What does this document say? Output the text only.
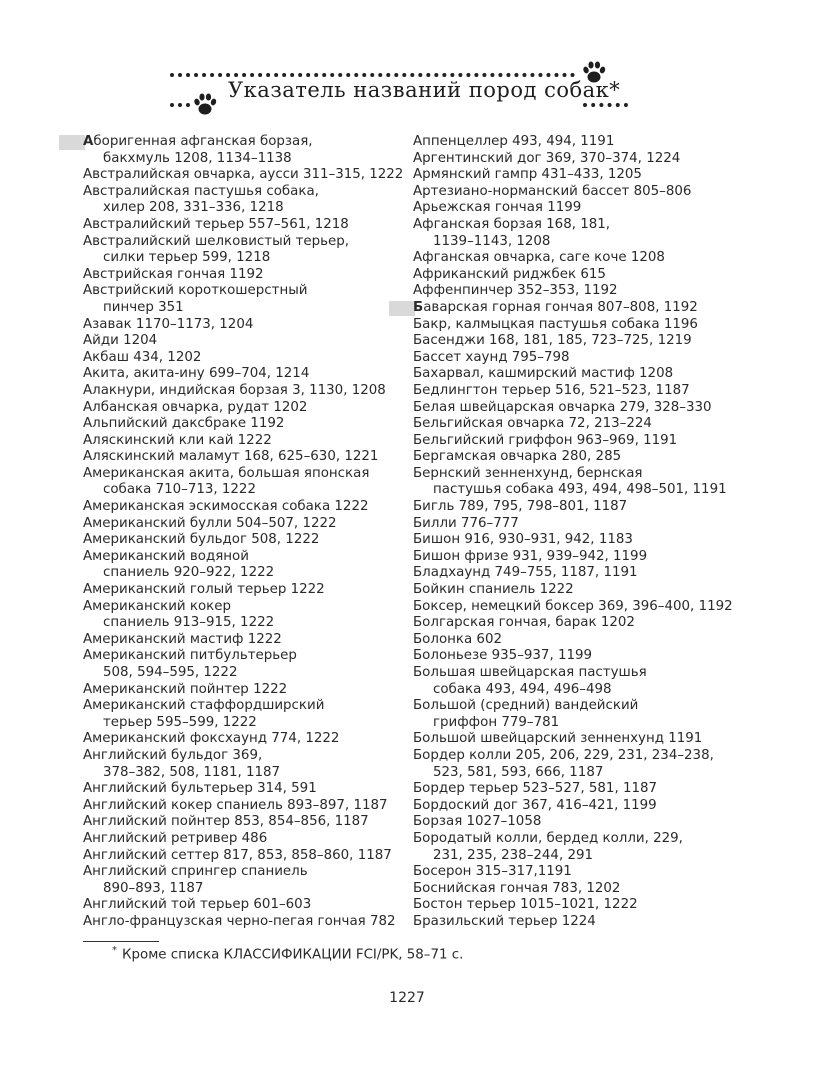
Указатель названий пород собак*
Аборигенная афганская борзая,
бакхмуль 1208, 1134–1138
Австралийская овчарка, аусси 311–315, 1222
Австралийская пастушья собака,
хилер 208, 331–336, 1218
Австралийский терьер 557–561, 1218
Австралийский шелковистый терьер,
силки терьер 599, 1218
Австрийская гончая 1192
Австрийский короткошерстный
пинчер 351
Азавак 1170–1173, 1204
Айди 1204
Акбаш 434, 1202
Акита, акита-ину 699–704, 1214
Алакнури, индийская борзая 3, 1130, 1208
Албанская овчарка, рудат 1202
Альпийский даксбраке 1192
Аляскинский кли кай 1222
Аляскинский маламут 168, 625–630, 1221
Американская акита, большая японская
собака 710–713, 1222
Американская эскимосская собака 1222
Американский булли 504–507, 1222
Американский бульдог 508, 1222
Американский водяной
спаниель 920–922, 1222
Американский голый терьер 1222
Американский кокер
спаниель 913–915, 1222
Американский мастиф 1222
Американский питбультерьер
508, 594–595, 1222
Американский пойнтер 1222
Американский стаффордширский
терьер 595–599, 1222
Американский фоксхаунд 774, 1222
Английский бульдог 369,
378–382, 508, 1181, 1187
Английский бультерьер 314, 591
Английский кокер спаниель 893–897, 1187
Английский пойнтер 853, 854–856, 1187
Английский ретривер 486
Английский сеттер 817, 853, 858–860, 1187
Английский спрингер спаниель
890–893, 1187
Английский той терьер 601–603
Англо-французская черно-пегая гончая 782
Аппенцеллер 493, 494, 1191
Аргентинский дог 369, 370–374, 1224
Армянский гампр 431–433, 1205
Артезиано-норманский бассет 805–806
Арьежская гончая 1199
Афганская борзая 168, 181,
1139–1143, 1208
Афганская овчарка, саге коче 1208
Африканский риджбек 615
Аффенпинчер 352–353, 1192
Баварская горная гончая 807–808, 1192
Бакр, калмыцкая пастушья собака 1196
Басенджи 168, 181, 185, 723–725, 1219
Бассет хаунд 795–798
Бахарвал, кашмирский мастиф 1208
Бедлингтон терьер 516, 521–523, 1187
Белая швейцарская овчарка 279, 328–330
Бельгийская овчарка 72, 213–224
Бельгийский гриффон 963–969, 1191
Бергамская овчарка 280, 285
Бернский зенненхунд, бернская
пастушья собака 493, 494, 498–501, 1191
Бигль 789, 795, 798–801, 1187
Билли 776–777
Бишон 916, 930–931, 942, 1183
Бишон фризе 931, 939–942, 1199
Бладхаунд 749–755, 1187, 1191
Бойкин спаниель 1222
Боксер, немецкий боксер 369, 396–400, 1192
Болгарская гончая, барак 1202
Болонка 602
Болоньезе 935–937, 1199
Большая швейцарская пастушья
собака 493, 494, 496–498
Большой (средний) вандейский
гриффон 779–781
Большой швейцарский зенненхунд 1191
Бордер колли 205, 206, 229, 231, 234–238,
523, 581, 593, 666, 1187
Бордер терьер 523–527, 581, 1187
Бордоский дог 367, 416–421, 1199
Борзая 1027–1058
Бородатый колли, бердед колли, 229,
231, 235, 238–244, 291
Босерон 315–317,1191
Боснийская гончая 783, 1202
Бостон терьер 1015–1021, 1222
Бразильский терьер 1224
* Кроме списка КЛАССИФИКАЦИИ FCI/PK, 58–71 с.
1227
